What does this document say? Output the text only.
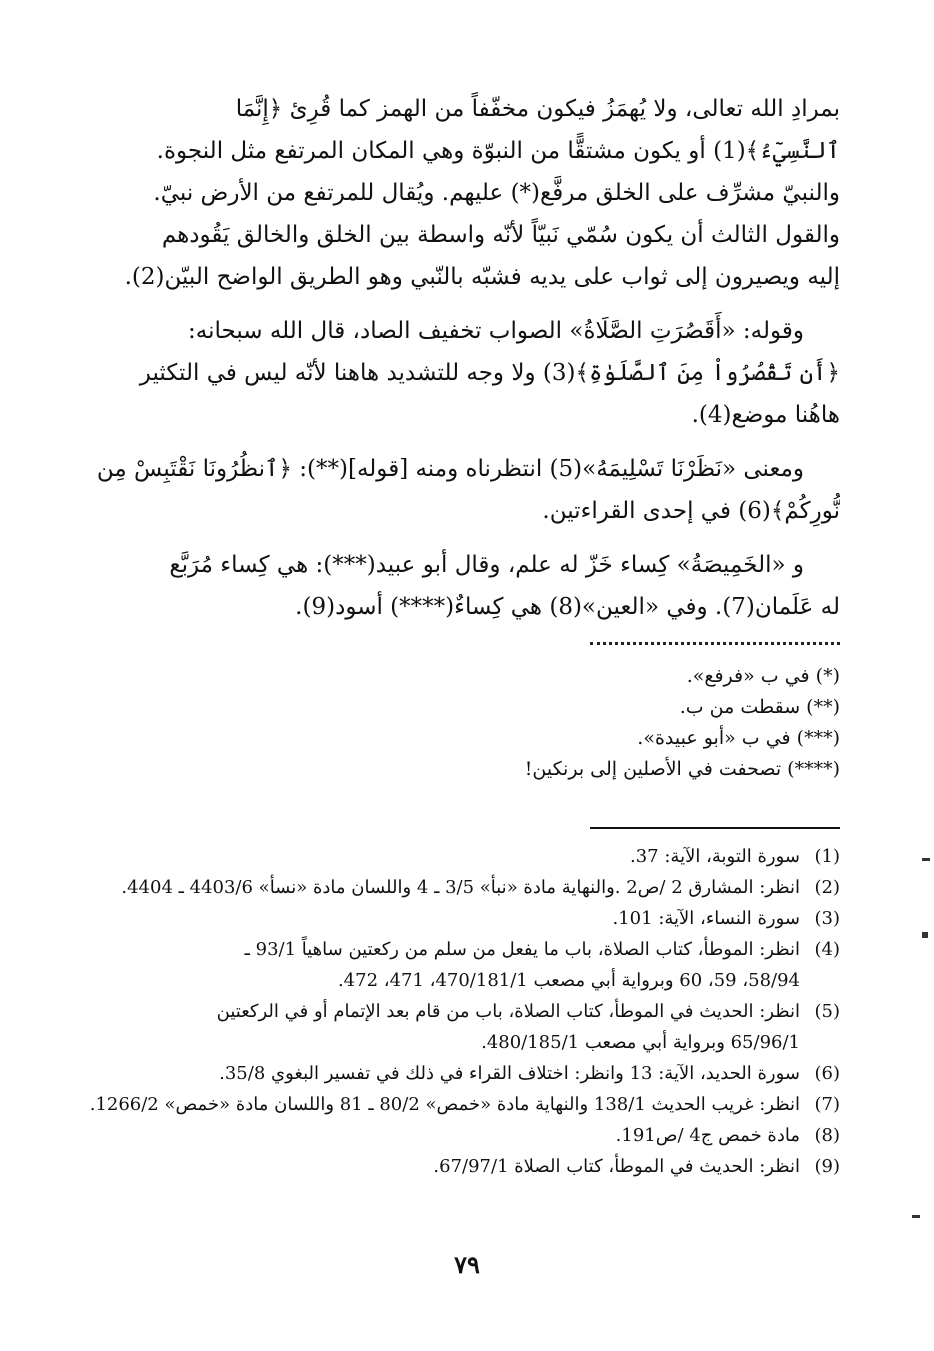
بمرادِ الله تعالى، ولا يُهمَزُ فيكون مخفّفاً من الهمز كما قُرِئ ﴿إِنَّمَا
ٱلنَّسِيٓءُ﴾(1) أو يكون مشتقًّا من النبوّة وهي المكان المرتفع مثل النجوة.
والنبيّ مشرِّف على الخلق مرفَّع(*) عليهم. ويُقال للمرتفع من الأرض نبيّ.
والقول الثالث أن يكون سُمّي نَبيّاً لأنّه واسطة بين الخلق والخالق يَقُودهم
إليه ويصيرون إلى ثواب على يديه فشبّه بالنّبي وهو الطريق الواضح البيّن(2).
وقوله: «أَقَصُرَتِ الصَّلَاةُ» الصواب تخفيف الصاد، قال الله سبحانه:
﴿أَن تَقْصُرُواْ مِنَ ٱلصَّلَوٰةِ﴾(3) ولا وجه للتشديد هاهنا لأنّه ليس في التكثير
هاهُنا موضع(4).
ومعنى «نَظَرْنَا تَسْلِيمَهُ»(5) انتظرناه ومنه [قوله](**): ﴿ٱنظُرُونَا نَقْتَبِسْ مِن
نُّورِكُمْ﴾(6) في إحدى القراءتين.
و «الخَمِيصَةُ» كِساء خَزّ له علم، وقال أبو عبيد(***): هي كِساء مُرَبَّع
له عَلَمان(7). وفي «العين»(8) هي كِساءٌ(****) أسود(9).
(*) في ب «فرفع».
(**) سقطت من ب.
(***) في ب «أبو عبيدة».
(****) تصحفت في الأصلين إلى برنكين!
(1)
سورة التوبة، الآية: 37.
(2)
انظر: المشارق 2 /ص2 .والنهاية مادة «نبأ» 3/5 ـ 4 واللسان مادة «نسأ» 4403/6 ـ 4404.
(3)
سورة النساء، الآية: 101.
(4)
انظر: الموطأ، كتاب الصلاة، باب ما يفعل من سلم من ركعتين ساهياً 93/1 ـ
58/94، 59، 60 وبرواية أبي مصعب 470/181/1، 471، 472.
(5)
انظر: الحديث في الموطأ، كتاب الصلاة، باب من قام بعد الإتمام أو في الركعتين
65/96/1 وبرواية أبي مصعب 480/185/1.
(6)
سورة الحديد، الآية: 13 وانظر: اختلاف القراء في ذلك في تفسير البغوي 35/8.
(7)
انظر: غريب الحديث 138/1 والنهاية مادة «خمص» 80/2 ـ 81 واللسان مادة «خمص» 1266/2.
(8)
مادة خمص ج4 /ص191.
(9)
انظر: الحديث في الموطأ، كتاب الصلاة 67/97/1.
٧٩
